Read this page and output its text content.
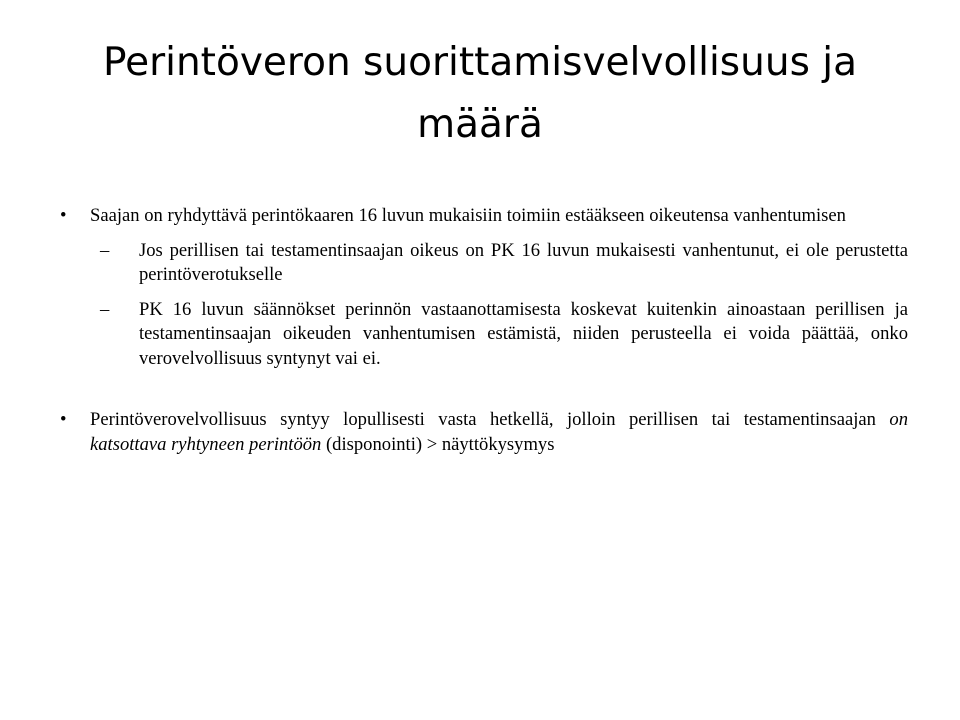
Perintöveron suorittamisvelvollisuus ja määrä

• Saajan on ryhdyttävä perintökaaren 16 luvun mukaisiin toimiin estääkseen oikeutensa vanhentumisen

– Jos perillisen tai testamentinsaajan oikeus on PK 16 luvun mukaisesti vanhentunut, ei ole perustetta perintöverotukselle

– PK 16 luvun säännökset perinnön vastaanottamisesta koskevat kuitenkin ainoastaan perillisen ja testamentinsaajan oikeuden vanhentumisen estämistä, niiden perusteella ei voida päättää, onko verovelvollisuus syntynyt vai ei.

• Perintöverovelvollisuus syntyy lopullisesti vasta hetkellä, jolloin perillisen tai testamentinsaajan on katsottava ryhtyneen perintöön (disponointi) > näyttökysymys
